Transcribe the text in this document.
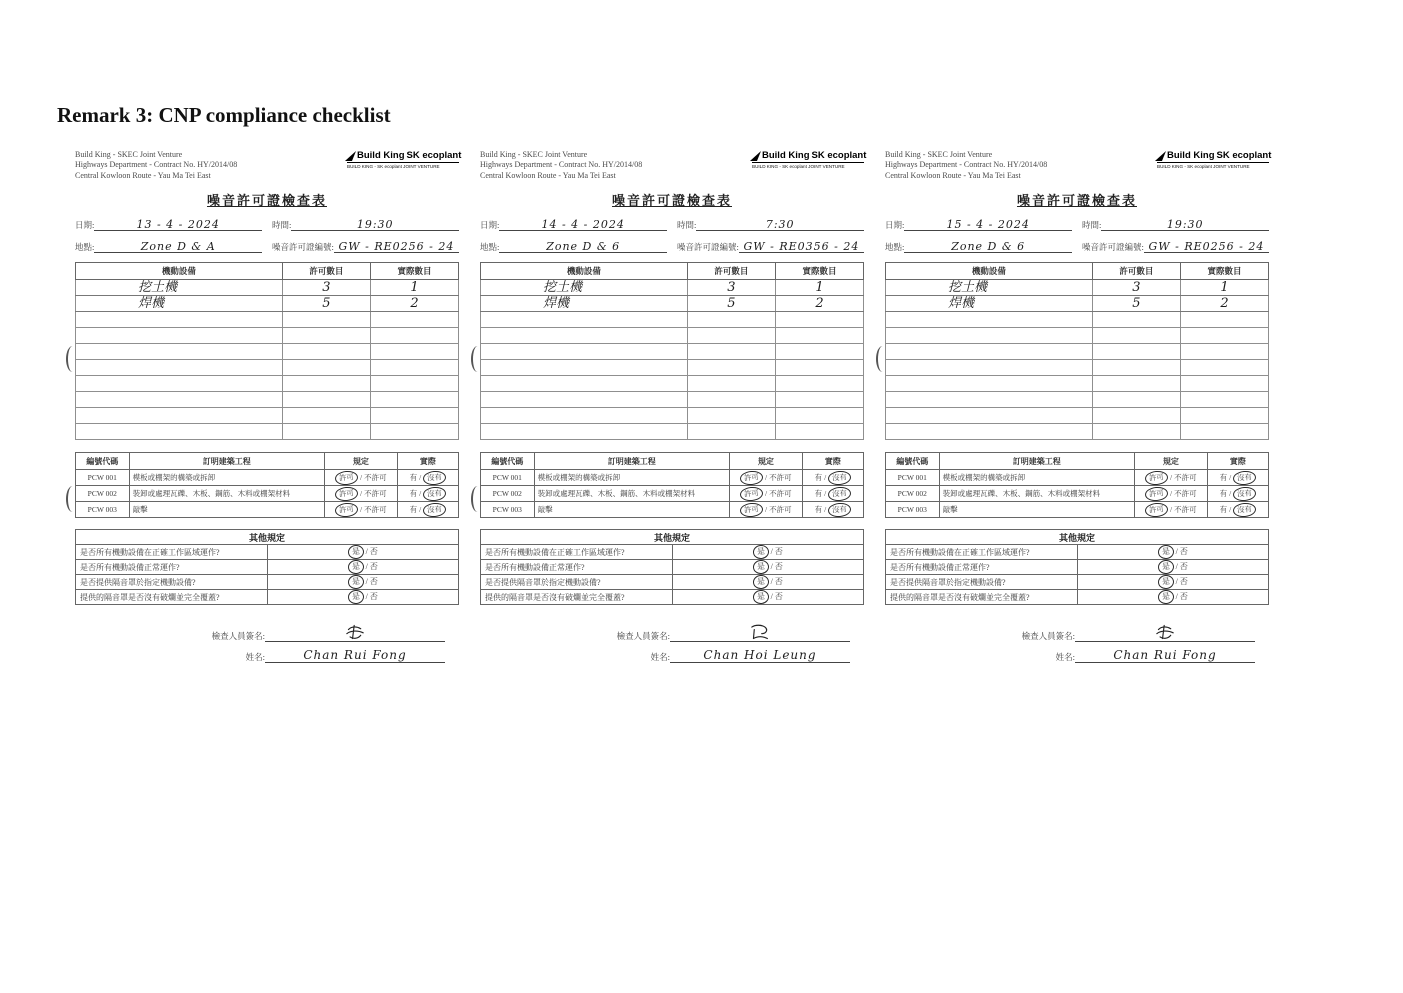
Remark 3: CNP compliance checklist
Build King - SKEC Joint Venture
Highways Department - Contract No. HY/2014/08
Central Kowloon Route - Yau Ma Tei East
Build King SK ecoplant
BUILD KING - SK ecoplant JOINT VENTURE
噪音許可證檢查表
日期:	13 - 4 - 2024	時間:	19:30
地點:	Zone D & A	噪音許可證編號: GW - RE0256 - 24
機動設備	許可數目	實際數目
挖土機	3	1
焊機	5	2

編號代碼	訂明建築工程	規定	實際
PCW 001	模板或棚架的構築或拆卸	許可 / 不許可	有 / 沒有
PCW 002	裝卸或處理瓦礫、木板、鋼筋、木料或棚架材料	許可 / 不許可	有 / 沒有
PCW 003	敲擊	許可 / 不許可	有 / 沒有
其他規定	
是否所有機動設備在正確工作區域運作?	是 / 否
是否所有機動設備正常運作?	是 / 否
是否提供隔音罩於指定機動設備?	是 / 否
提供的隔音罩是否沒有破爛並完全覆蓋?	是 / 否
檢查人員簽名:
姓名:	Chan Rui Fong
Build King - SKEC Joint Venture
Highways Department - Contract No. HY/2014/08
Central Kowloon Route - Yau Ma Tei East
Build King SK ecoplant
BUILD KING - SK ecoplant JOINT VENTURE
噪音許可證檢查表
日期:	14 - 4 - 2024	時間:	7:30
地點:	Zone D & 6	噪音許可證編號: GW - RE0356 - 24
機動設備	許可數目	實際數目
挖土機	3	1
焊機	5	2

編號代碼	訂明建築工程	規定	實際
PCW 001	模板或棚架的構築或拆卸	許可 / 不許可	有 / 沒有
PCW 002	裝卸或處理瓦礫、木板、鋼筋、木料或棚架材料	許可 / 不許可	有 / 沒有
PCW 003	敲擊	許可 / 不許可	有 / 沒有
其他規定	
是否所有機動設備在正確工作區域運作?	是 / 否
是否所有機動設備正常運作?	是 / 否
是否提供隔音罩於指定機動設備?	是 / 否
提供的隔音罩是否沒有破爛並完全覆蓋?	是 / 否
檢查人員簽名:
姓名:	Chan Hoi Leung
Build King - SKEC Joint Venture
Highways Department - Contract No. HY/2014/08
Central Kowloon Route - Yau Ma Tei East
Build King SK ecoplant
BUILD KING - SK ecoplant JOINT VENTURE
噪音許可證檢查表
日期:	15 - 4 - 2024	時間:	19:30
地點:	Zone D & 6	噪音許可證編號: GW - RE0256 - 24
機動設備	許可數目	實際數目
挖土機	3	1
焊機	5	2

編號代碼	訂明建築工程	規定	實際
PCW 001	模板或棚架的構築或拆卸	許可 / 不許可	有 / 沒有
PCW 002	裝卸或處理瓦礫、木板、鋼筋、木料或棚架材料	許可 / 不許可	有 / 沒有
PCW 003	敲擊	許可 / 不許可	有 / 沒有
其他規定	
是否所有機動設備在正確工作區域運作?	是 / 否
是否所有機動設備正常運作?	是 / 否
是否提供隔音罩於指定機動設備?	是 / 否
提供的隔音罩是否沒有破爛並完全覆蓋?	是 / 否
檢查人員簽名:
姓名:	Chan Rui Fong
